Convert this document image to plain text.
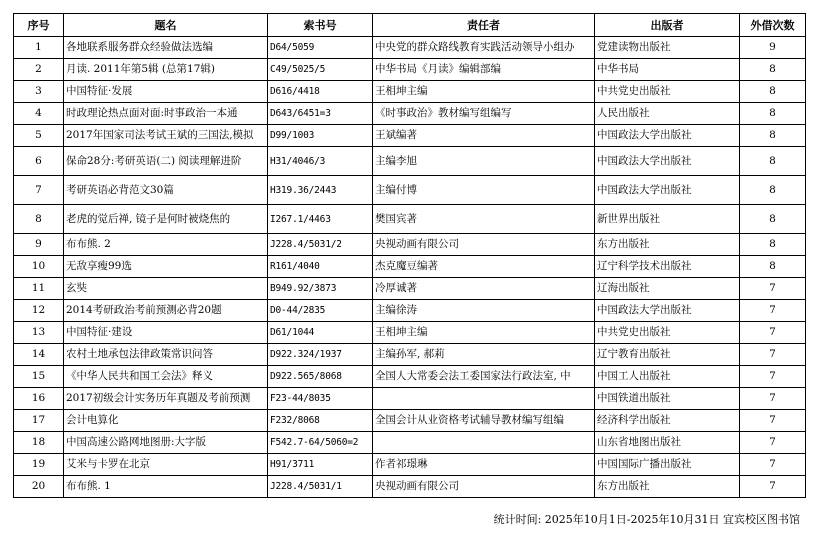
序号	题名	索书号	责任者	出版者	外借次数
1	各地联系服务群众经验做法选编	D64/5059	中央党的群众路线教育实践活动领导小组办	党建读物出版社	9
2	月读. 2011年第5辑 (总第17辑)	C49/5025/5	中华书局《月读》编辑部编	中华书局	8
3	中国特征·发展	D616/4418	王相坤主编	中共党史出版社	8
4	时政理论热点面对面:时事政治一本通	D643/6451=3	《时事政治》教材编写组编写	人民出版社	8
5	2017年国家司法考试王斌的三国法,模拟	D99/1003	王斌编著	中国政法大学出版社	8
6	保命28分:考研英语(二) 阅读理解进阶	H31/4046/3	主编李旭	中国政法大学出版社	8
7	考研英语必背范文30篇	H319.36/2443	主编付博	中国政法大学出版社	8
8	老虎的觉后禅, 镜子是何时被烧焦的	I267.1/4463	樊国宾著	新世界出版社	8
9	布布熊. 2	J228.4/5031/2	央视动画有限公司	东方出版社	8
10	无敌享瘦99选	R161/4040	杰克魔豆编著	辽宁科学技术出版社	8
11	玄奘	B949.92/3873	冷厚诚著	辽海出版社	7
12	2014考研政治考前预测必背20题	D0-44/2835	主编徐涛	中国政法大学出版社	7
13	中国特征·建设	D61/1044	王相坤主编	中共党史出版社	7
14	农村土地承包法律政策常识问答	D922.324/1937	主编孙军, 郝莉	辽宁教育出版社	7
15	《中华人民共和国工会法》释义	D922.565/8068	全国人大常委会法工委国家法行政法室, 中	中国工人出版社	7
16	2017初级会计实务历年真题及考前预测	F23-44/8035		中国铁道出版社	7
17	会计电算化	F232/8068	全国会计从业资格考试辅导教材编写组编	经济科学出版社	7
18	中国高速公路网地图册:大字版	F542.7-64/5060=2		山东省地图出版社	7
19	艾米与卡罗在北京	H91/3711	作者祁璟琳	中国国际广播出版社	7
20	布布熊. 1	J228.4/5031/1	央视动画有限公司	东方出版社	7
统计时间: 2025年10月1日-2025年10月31日 宜宾校区图书馆
